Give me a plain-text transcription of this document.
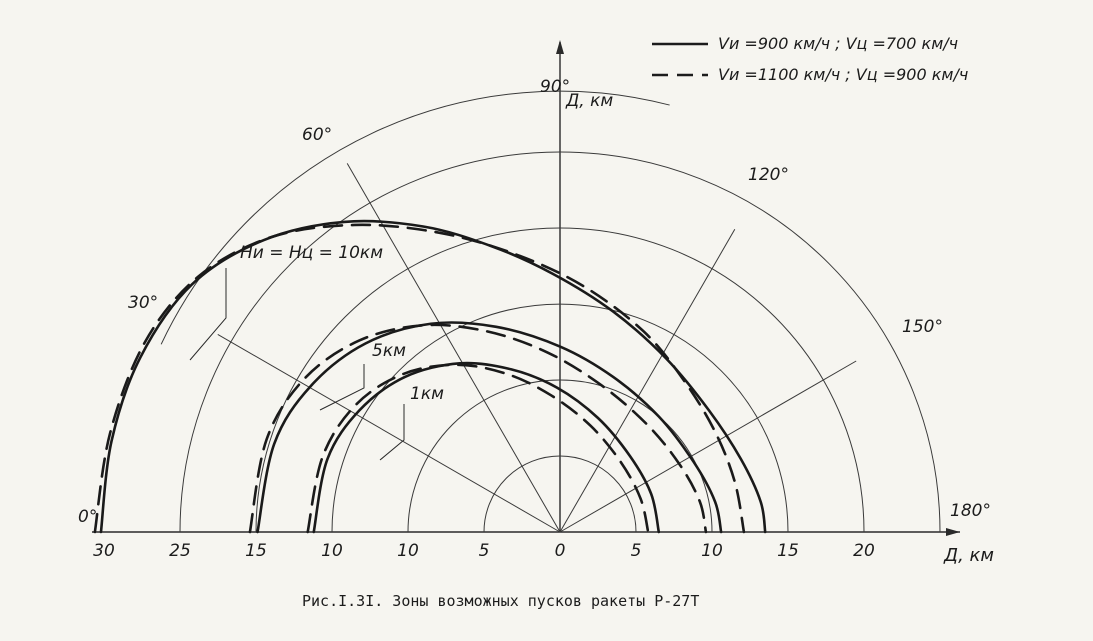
90°
60°
120°
30°
150°
0°	180°
Д, км
Д, км
Ни = Нц = 10км
5км
1км
30	25	15	10	10	5	0	5	10	15	20
Vи =900 км/ч ; Vц =700 км/ч
Vи =1100 км/ч ; Vц =900 км/ч
Рис.I.3I. Зоны возможных пусков ракеты Р-27Т
